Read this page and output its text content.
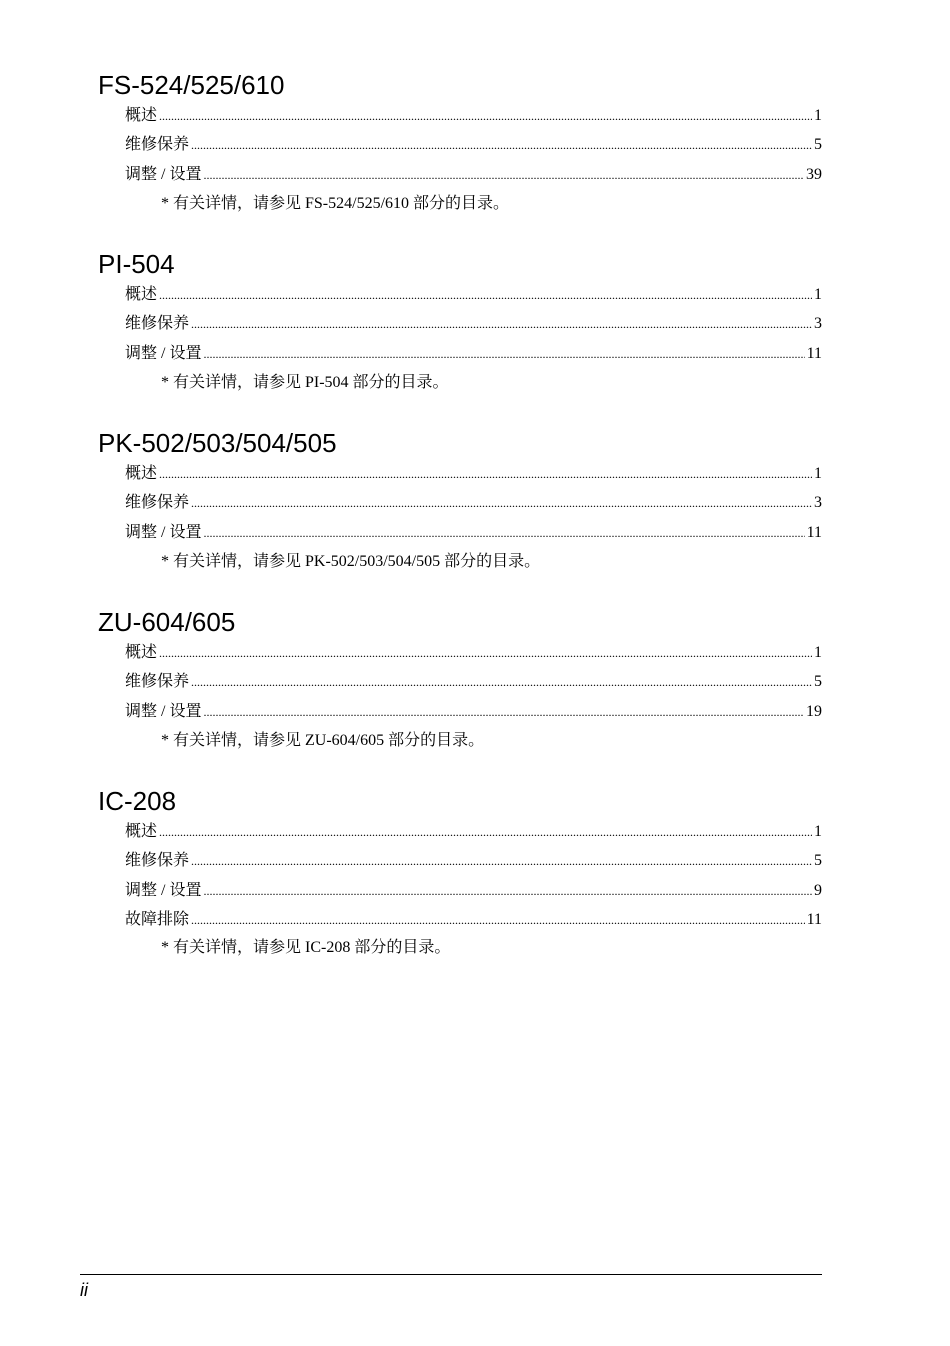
FS-524/525/610
概述 .....	1
维修保养 .....	5
调整 / 设置 .....	39
* 有关详情，请参见 FS-524/525/610 部分的目录。
PI-504
概述 .....	1
维修保养 .....	3
调整 / 设置 .....	11
* 有关详情，请参见 PI-504 部分的目录。
PK-502/503/504/505
概述 .....	1
维修保养 .....	3
调整 / 设置 .....	11
* 有关详情，请参见 PK-502/503/504/505 部分的目录。
ZU-604/605
概述 .....	1
维修保养 .....	5
调整 / 设置 .....	19
* 有关详情，请参见 ZU-604/605 部分的目录。
IC-208
概述 .....	1
维修保养 .....	5
调整 / 设置 .....	9
故障排除 .....	11
* 有关详情，请参见 IC-208 部分的目录。
ii
